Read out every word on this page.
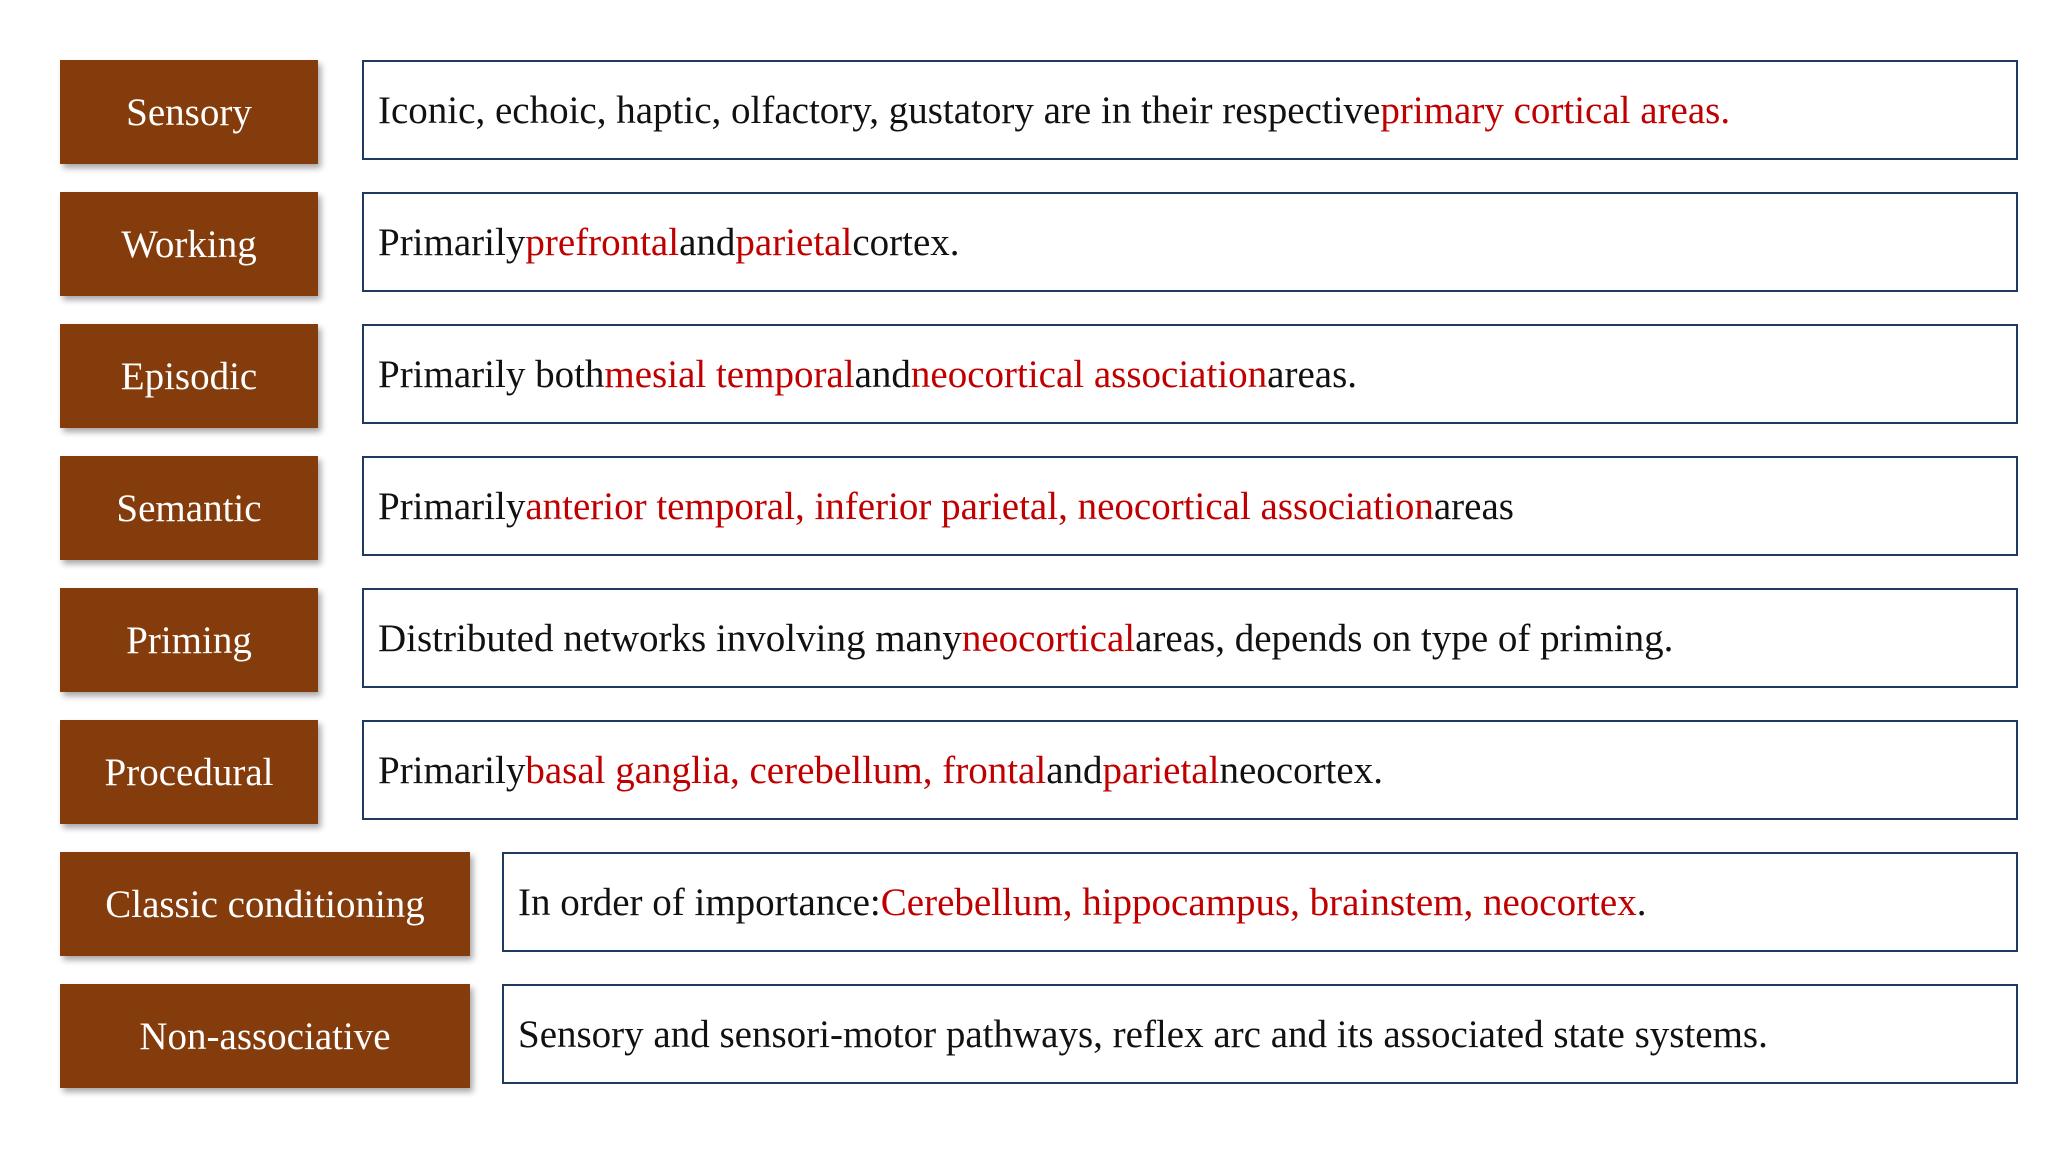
Sensory	Iconic, echoic, haptic, olfactory, gustatory are in their respective primary cortical areas.
Working	Primarily prefrontal and parietal cortex.
Episodic	Primarily both mesial temporal and neocortical association areas.
Semantic	Primarily anterior temporal, inferior parietal, neocortical association areas
Priming	Distributed networks involving many neocortical areas, depends on type of priming.
Procedural	Primarily basal ganglia, cerebellum, frontal and parietal neocortex.
Classic conditioning	In order of importance: Cerebellum, hippocampus, brainstem, neocortex .
Non-associative	Sensory and sensori-motor pathways, reflex arc and its associated state systems.
